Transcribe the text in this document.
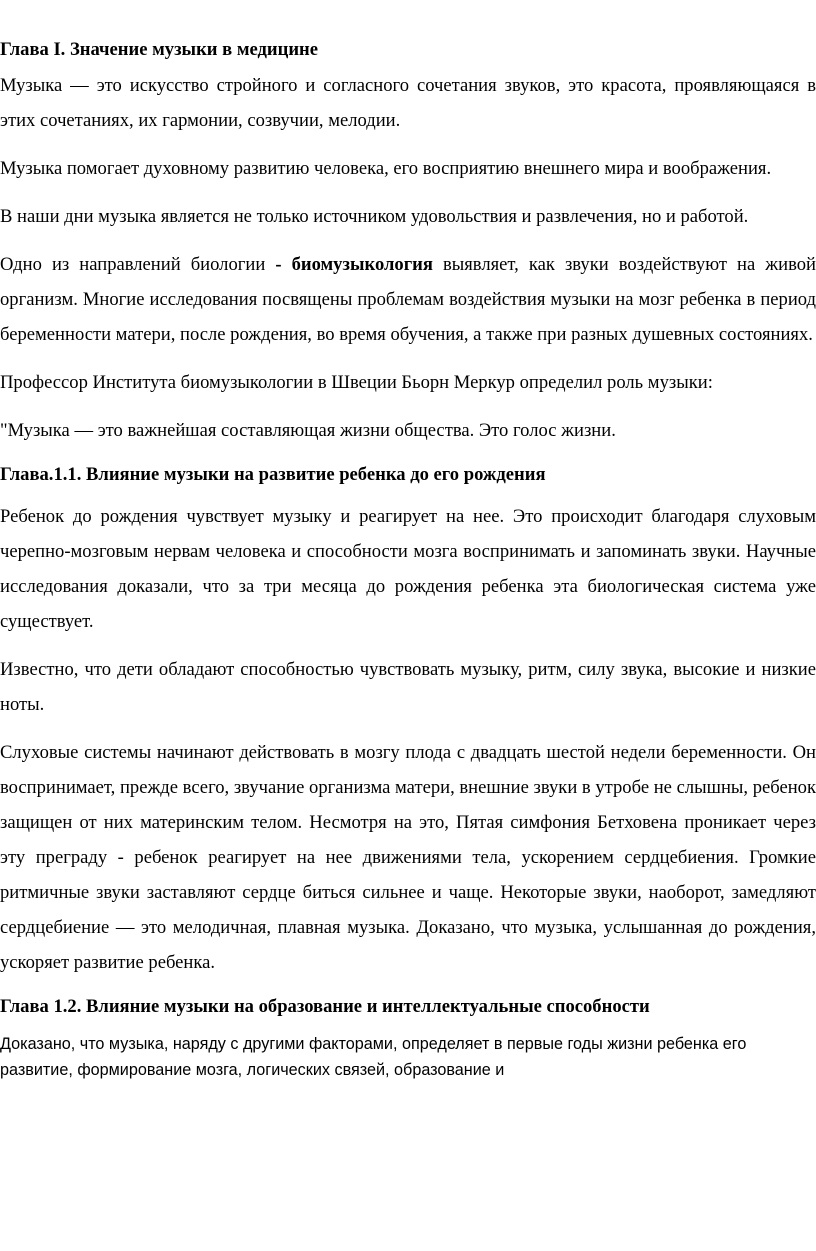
Глава I. Значение музыки в медицине

Музыка — это искусство стройного и согласного сочетания звуков, это красота, проявляющаяся в этих сочетаниях, их гармонии, созвучии, мелодии.

Музыка помогает духовному развитию человека, его восприятию внешнего мира и воображения.

В наши дни музыка является не только источником удовольствия и развлечения, но и работой.

Одно из направлений биологии - биомузыкология выявляет, как звуки воздействуют на живой организм. Многие исследования посвящены проблемам воздействия музыки на мозг ребенка в период беременности матери, после рождения, во время обучения, а также при разных душевных состояниях.

Профессор Института биомузыкологии в Швеции Бьорн Меркур определил роль музыки:

"Музыка — это важнейшая составляющая жизни общества. Это голос жизни.

Глава.1.1. Влияние музыки на развитие ребенка до его рождения

Ребенок до рождения чувствует музыку и реагирует на нее. Это происходит благодаря слуховым черепно-мозговым нервам человека и способности мозга воспринимать и запоминать звуки. Научные исследования доказали, что за три месяца до рождения ребенка эта биологическая система уже существует.

Известно, что дети обладают способностью чувствовать музыку, ритм, силу звука, высокие и низкие ноты.

Слуховые системы начинают действовать в мозгу плода с двадцать шестой недели беременности. Он воспринимает, прежде всего, звучание организма матери, внешние звуки в утробе не слышны, ребенок защищен от них материнским телом. Несмотря на это, Пятая симфония Бетховена проникает через эту преграду - ребенок реагирует на нее движениями тела, ускорением сердцебиения. Громкие ритмичные звуки заставляют сердце биться сильнее и чаще. Некоторые звуки, наоборот, замедляют сердцебиение — это мелодичная, плавная музыка. Доказано, что музыка, услышанная до рождения, ускоряет развитие ребенка.

Глава 1.2. Влияние музыки на образование и интеллектуальные способности

Доказано, что музыка, наряду с другими факторами, определяет в первые годы жизни ребенка его развитие, формирование мозга, логических связей, образование и
